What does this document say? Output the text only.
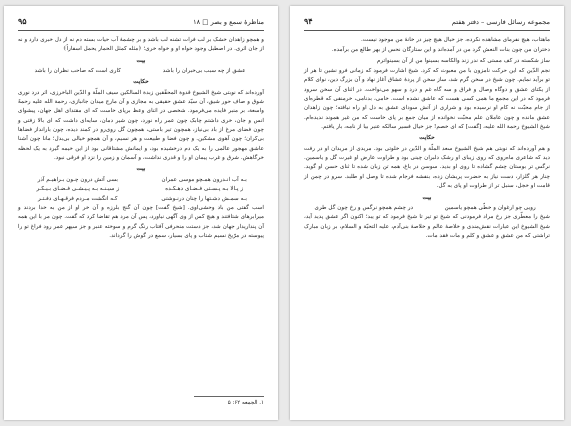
مناظرهٔ سمع و بصر □ ۱۸
۹۵

و همچو زاهدان خشک بر لب فرات تشنه لب باشد و بر چشمهٔ آب حیات بسته دم نه از دل خبری دارد و نه از جان اثری. در اصطبل وجود خواه او و خواه خری؛ ﴿مثله کمثل الحمار یحمل اسفاراً﴾

بیت

عشق از چه سبب بی‌خبران را باشد
کاری است که صاحب نظران را باشد

حکایت

آورده‌اند که نوبتی شیخ الشیوخ قدوة المحقّقین زبدة السالکین سیف الملّة و الدّین الباخرزی، اثر درد نوری شوق و صاف حور شیق، آن سیّد عشق حقیقی به مجازی و آن مارج میدان جانبازی، رحمة الله علیه رحمةً واسعة، بر منبر فایده می‌فرمود. شخصی در اثنای وعظ برپای خاست که ای مقتدای اهل جهان، پیشوای انس و جان، خری داشتم چابک چون عمر راه نورد، چون شیر دمان، سایه‌ای داشت که ای بالا زفتی و چون فضای مرغ از باد بی‌نیاز، همچون تیر باستی، همچون گل روی‌رو در کمند دیده، چون بارانداز فضاها بی‌کران؛ چون آهوی مشکین. و چون فضا و طبیعت و هر نسیم، و آن همچو خیالی بی‌بدل؛ مانا چون آشنا عاشق مهجور عالمی را به یک دم درخشیده بود، و ایمانش مشتاقانی بود از این خیمه گیرد به یک لحظه خرگاهش. شرق و غرب پیمان او را و قدری نداشت، و آسمان و زمین را نزد او فرقی نبود.

بیت

بـه آب انـدرون همـچو موسی عمران
بسی آتش درون چـون بـراهیـم آذر
ز پـالا بـه پـسـتی فـضـای دهـکـده
ز سیـنـه بـه پـیـشـی فـضـای بـیـکـر
بـه سمـش دشـتها را چنان درنـوشتی
کـه انگشت مـردم فرقـهـای دفـتـر

اسب گفتی من باد وحشی‌اوی. [شیخ گفت] چون آن گنج بلرزه و آن خر او از من به خدا بردند و میرابرهای شتافتند و هیچ کس از وی آگهی نیاورد، پس آن مرد هم تقاضا کرد که گفت. چون مر با این همه آن پنداریدار جهان شد، جز دستت منحرفی آفتاب رنگ گرم و سوخته عنبر و جز سپهر عمر رود فراغ تو را پیوسته در مرّیخ نسیم شتاب و پای بسیار، سمع در گوش را گرداند.

۱. الجمعه ۶۲: ۵
مجموعه رسائل فارسی – دفتر هفتم
۹۴

ماهتاب، هیچ نفرمای مشاهده نکرده، جز خیال هیچ چیز در خانهٔ من موجود نیست.

دختران من چون بنات النعش گرد من در آمده‌اند و این ستارگان نحس از بهر طالع من برآمده.

ساز شکسته در کف مستی که ندر زند والکاسه بسینوا من از آن بسینواترم

نجم الدّین که این حرکت نامزون با من معبوث که کرد. شیخ اشارت فرمود که زمانی فرو نشین تا هر از تو برآید نمایم. چون شیخ در سخن گرم شد، ساز سخن از پردهٔ عشاق آغاز نهاد و آن بزرگ دین، نوای کلام از یکتای عشق و دوگاه وصال و فراق و سه گاه غم و درد و سهو می‌نواخت. در اثنای آن سخن سرود فرمود که در این مجمع ما همی کسی هست که عاشق نشده است. خامی، بدنامی، خرمنقی که قطره‌ای از جام محبّت نه کام او نرسیده بود و شراری از آتش سودای عشق به دل او راه نیافته؛ چون زاهدان عشق مانده و چون عاملان علم محبّت نخوانده از میان جمع بر پای خاست که من غیر هموند ندیده‌ام. شیخ الشیوخ رحمة الله علیه، [گفت] که ای خصم! جز خیال فسیر سالکه عنبر بیا از نامه، بار یافتم.

حکایت

و هم آورده‌اند که نوبتی هم شیخ الشیوخ سعد الملّة و الدّین در خلوتی بود. مریدی از مریدان او در رفت دید که شاعری ماه‌روی که روی زیبای او رشک دلبران چینی بود و طراوت عارض او غیرت گل و یاسمین. نرگس تر بوستان چشم گشاده تا روی او بدید. سوسن در باغ، همه تن زبان شده تا ثنای حسن او گوید. چنار هر گلزار، دست نیاز به حضرت پریشان زده، بنفشه فرجام شده تا وصل او طلبد. سرو در چمن از قامت او خجل، سنبل تر از طراوت او پای به گل.

بیت

رویی چو ارغوان و خطّی همچو یاسمین
در چشم همچو نرگس و رخ چون گل طری

شیخ را معطّری جز رخ مراد فرمودنی که شیخ تو تیر تا شیخ فرمود که تو یبد؛ اکنون اگر عشق پدید آید، شیخ الشیوخ این عبارات نقش‌مندی و خلاصهٔ عالم و خلاصهٔ بنی‌آدم، علیه التحیّة و السلام، بر زبان مبارک تراشتی که من عشق و عشق و کلم و مات فقد مات.
